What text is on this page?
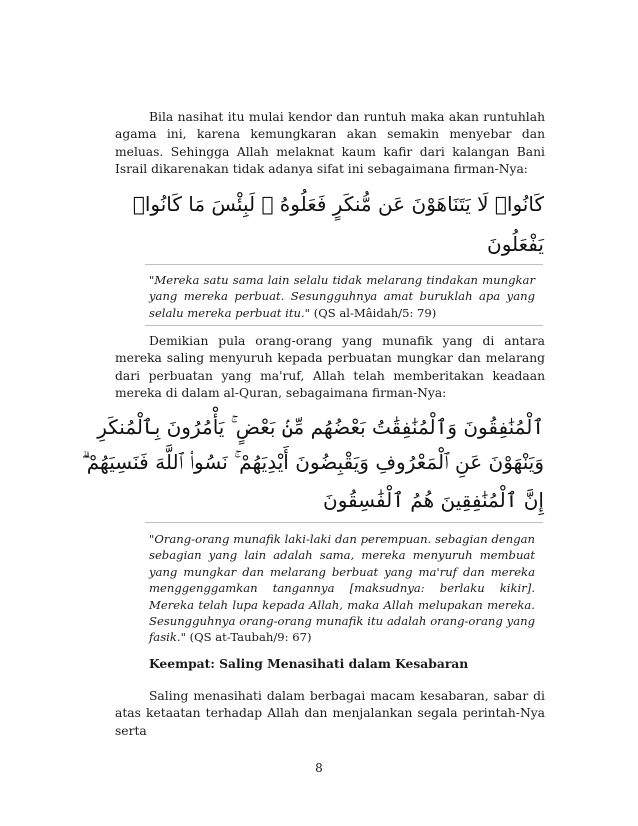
Bila nasihat itu mulai kendor dan runtuh maka akan runtuhlah agama ini, karena kemungkaran akan semakin menyebar dan meluas. Sehingga Allah melaknat kaum kafir dari kalangan Bani Israil dikarenakan tidak adanya sifat ini sebagaimana firman-Nya:

كَانُوا۟ لَا يَتَنَاهَوْنَ عَن مُّنكَرٍ فَعَلُوهُ ۚ لَبِئْسَ مَا كَانُوا۟
يَفْعَلُونَ

"Mereka satu sama lain selalu tidak melarang tindakan mungkar yang mereka perbuat. Sesungguhnya amat buruklah apa yang selalu mereka perbuat itu." (QS al-Mâidah/5: 79)

Demikian pula orang-orang yang munafik yang di antara mereka saling menyuruh kepada perbuatan mungkar dan melarang dari perbuatan yang ma'ruf, Allah telah memberitakan keadaan mereka di dalam al-Quran, sebagaimana firman-Nya:

ٱلْمُنَٰفِقُونَ وَٱلْمُنَٰفِقَٰتُ بَعْضُهُم مِّنۢ بَعْضٍ ۚ يَأْمُرُونَ بِٱلْمُنكَرِ
وَيَنْهَوْنَ عَنِ ٱلْمَعْرُوفِ وَيَقْبِضُونَ أَيْدِيَهُمْ ۚ نَسُوا۟ ٱللَّهَ فَنَسِيَهُمْ ۗ
إِنَّ ٱلْمُنَٰفِقِينَ هُمُ ٱلْفَٰسِقُونَ

"Orang-orang munafik laki-laki dan perempuan. sebagian dengan sebagian yang lain adalah sama, mereka menyuruh membuat yang mungkar dan melarang berbuat yang ma'ruf dan mereka menggenggamkan tangannya [maksudnya: berlaku kikir]. Mereka telah lupa kepada Allah, maka Allah melupakan mereka. Sesungguhnya orang-orang munafik itu adalah orang-orang yang fasik." (QS at-Taubah/9: 67)

Keempat: Saling Menasihati dalam Kesabaran

Saling menasihati dalam berbagai macam kesabaran, sabar di atas ketaatan terhadap Allah dan menjalankan segala perintah-Nya serta

8
